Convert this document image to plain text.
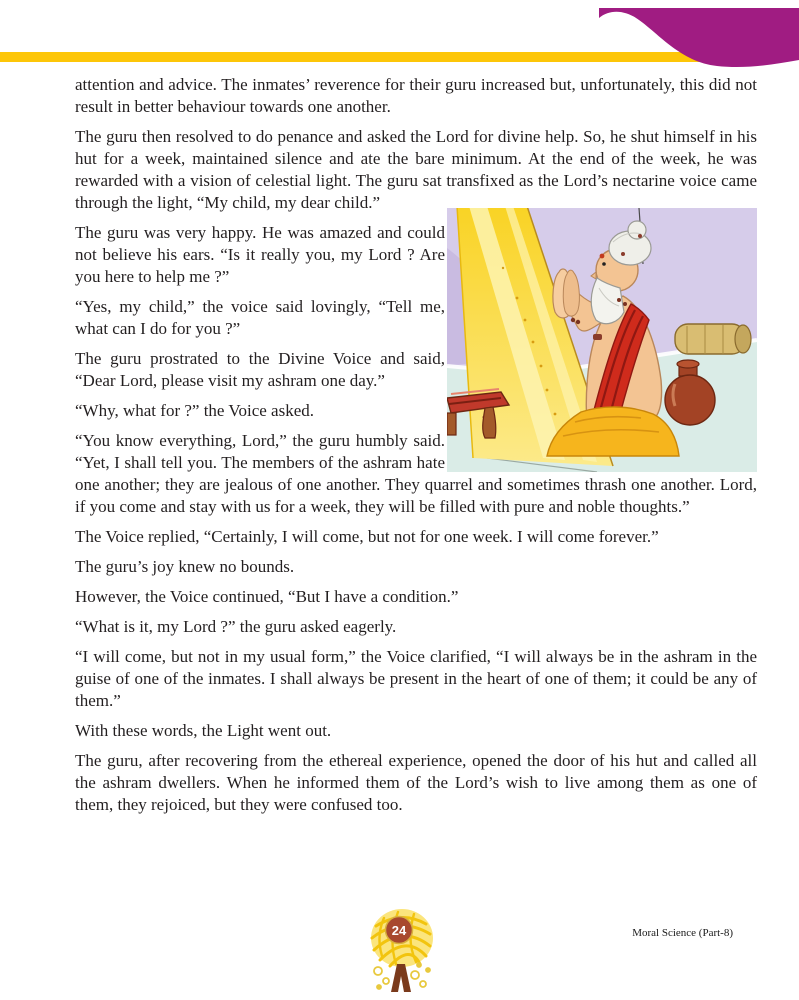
attention and advice. The inmates’ reverence for their guru increased but, unfortunately, this did not result in better behaviour towards one another.

The guru then resolved to do penance and asked the Lord for divine help. So, he shut himself in his hut for a week, maintained silence and ate the bare minimum. At the end of the week, he was rewarded with a vision of celestial light. The guru sat transfixed as the Lord’s nectarine voice came through the light, “My child, my dear child.”

The guru was very happy. He was amazed and could not believe his ears. “Is it really you, my Lord ? Are you here to help me ?”

“Yes, my child,” the voice said lovingly, “Tell me, what can I do for you ?”

The guru prostrated to the Divine Voice and said, “Dear Lord, please visit my ashram one day.”

“Why, what for ?” the Voice asked.

“You know everything, Lord,” the guru humbly said. “Yet, I shall tell you. The members of the ashram hate one another; they are jealous of one another. They quarrel and sometimes thrash one another. Lord, if you come and stay with us for a week, they will be filled with pure and noble thoughts.”

The Voice replied, “Certainly, I will come, but not for one week. I will come forever.”

The guru’s joy knew no bounds.

However, the Voice continued, “But I have a condition.”

“What is it, my Lord ?” the guru asked eagerly.

“I will come, but not in my usual form,” the Voice clarified, “I will always be in the ashram in the guise of one of the inmates. I shall always be present in the heart of one of them; it could be any of them.”

With these words, the Light went out.

The guru, after recovering from the ethereal experience, opened the door of his hut and called all the ashram dwellers. When he informed them of the Lord’s wish to live among them as one of them, they rejoiced, but they were confused too.

24	Moral Science (Part-8)
